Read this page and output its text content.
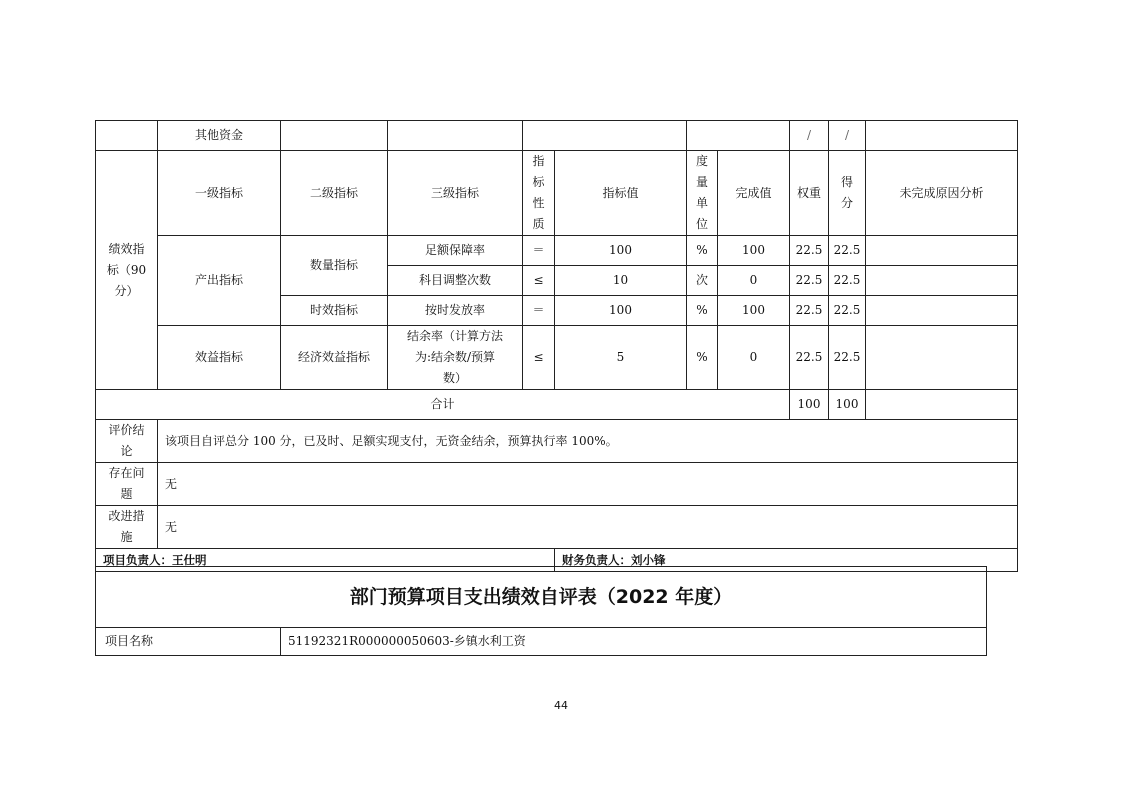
	其他资金							/	/	
绩效指标（90分）	一级指标	二级指标	三级指标	指标性质	指标值	度量单位	完成值	权重	得分	未完成原因分析
	产出指标	数量指标	足额保障率	＝	100	%	100	22.5	22.5	
			科目调整次数	≤	10	次	0	22.5	22.5	
		时效指标	按时发放率	＝	100	%	100	22.5	22.5	
	效益指标	经济效益指标	结余率（计算方法为:结余数/预算数）	≤	5	%	0	22.5	22.5	
合计								100	100	
评价结论	该项目自评总分 100 分，已及时、足额实现支付，无资金结余，预算执行率 100%。									
存在问题	无									
改进措施	无									
项目负责人：王仕明					财务负责人：刘小锋					
部门预算项目支出绩效自评表（2022 年度）
项目名称	51192321R000000050603-乡镇水利工资
44
